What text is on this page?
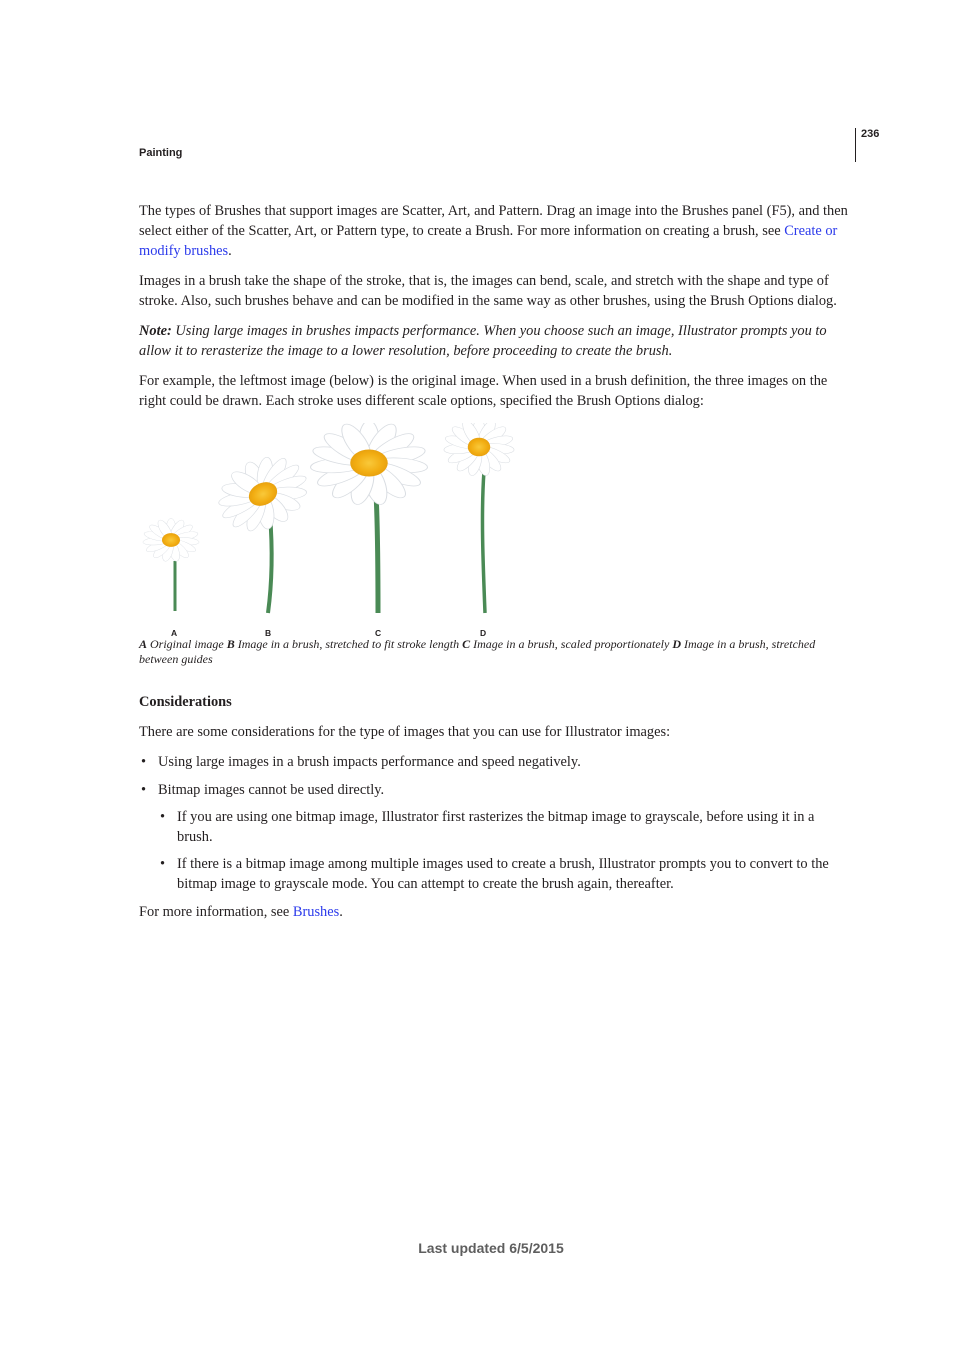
Painting
236

The types of Brushes that support images are Scatter, Art, and Pattern. Drag an image into the Brushes panel (F5), and then select either of the Scatter, Art, or Pattern type, to create a Brush. For more information on creating a brush, see Create or modify brushes.

Images in a brush take the shape of the stroke, that is, the images can bend, scale, and stretch with the shape and type of stroke. Also, such brushes behave and can be modified in the same way as other brushes, using the Brush Options dialog.

Note: Using large images in brushes impacts performance. When you choose such an image, Illustrator prompts you to allow it to rerasterize the image to a lower resolution, before proceeding to create the brush.

For example, the leftmost image (below) is the original image. When used in a brush definition, the three images on the right could be drawn. Each stroke uses different scale options, specified the Brush Options dialog:

A	B	C	D

A Original image B Image in a brush, stretched to fit stroke length C Image in a brush, scaled proportionately D Image in a brush, stretched between guides

Considerations

There are some considerations for the type of images that you can use for Illustrator images:

• Using large images in a brush impacts performance and speed negatively.
• Bitmap images cannot be used directly.
• If you are using one bitmap image, Illustrator first rasterizes the bitmap image to grayscale, before using it in a brush.
• If there is a bitmap image among multiple images used to create a brush, Illustrator prompts you to convert to the bitmap image to grayscale mode. You can attempt to create the brush again, thereafter.

For more information, see Brushes.

Last updated 6/5/2015
